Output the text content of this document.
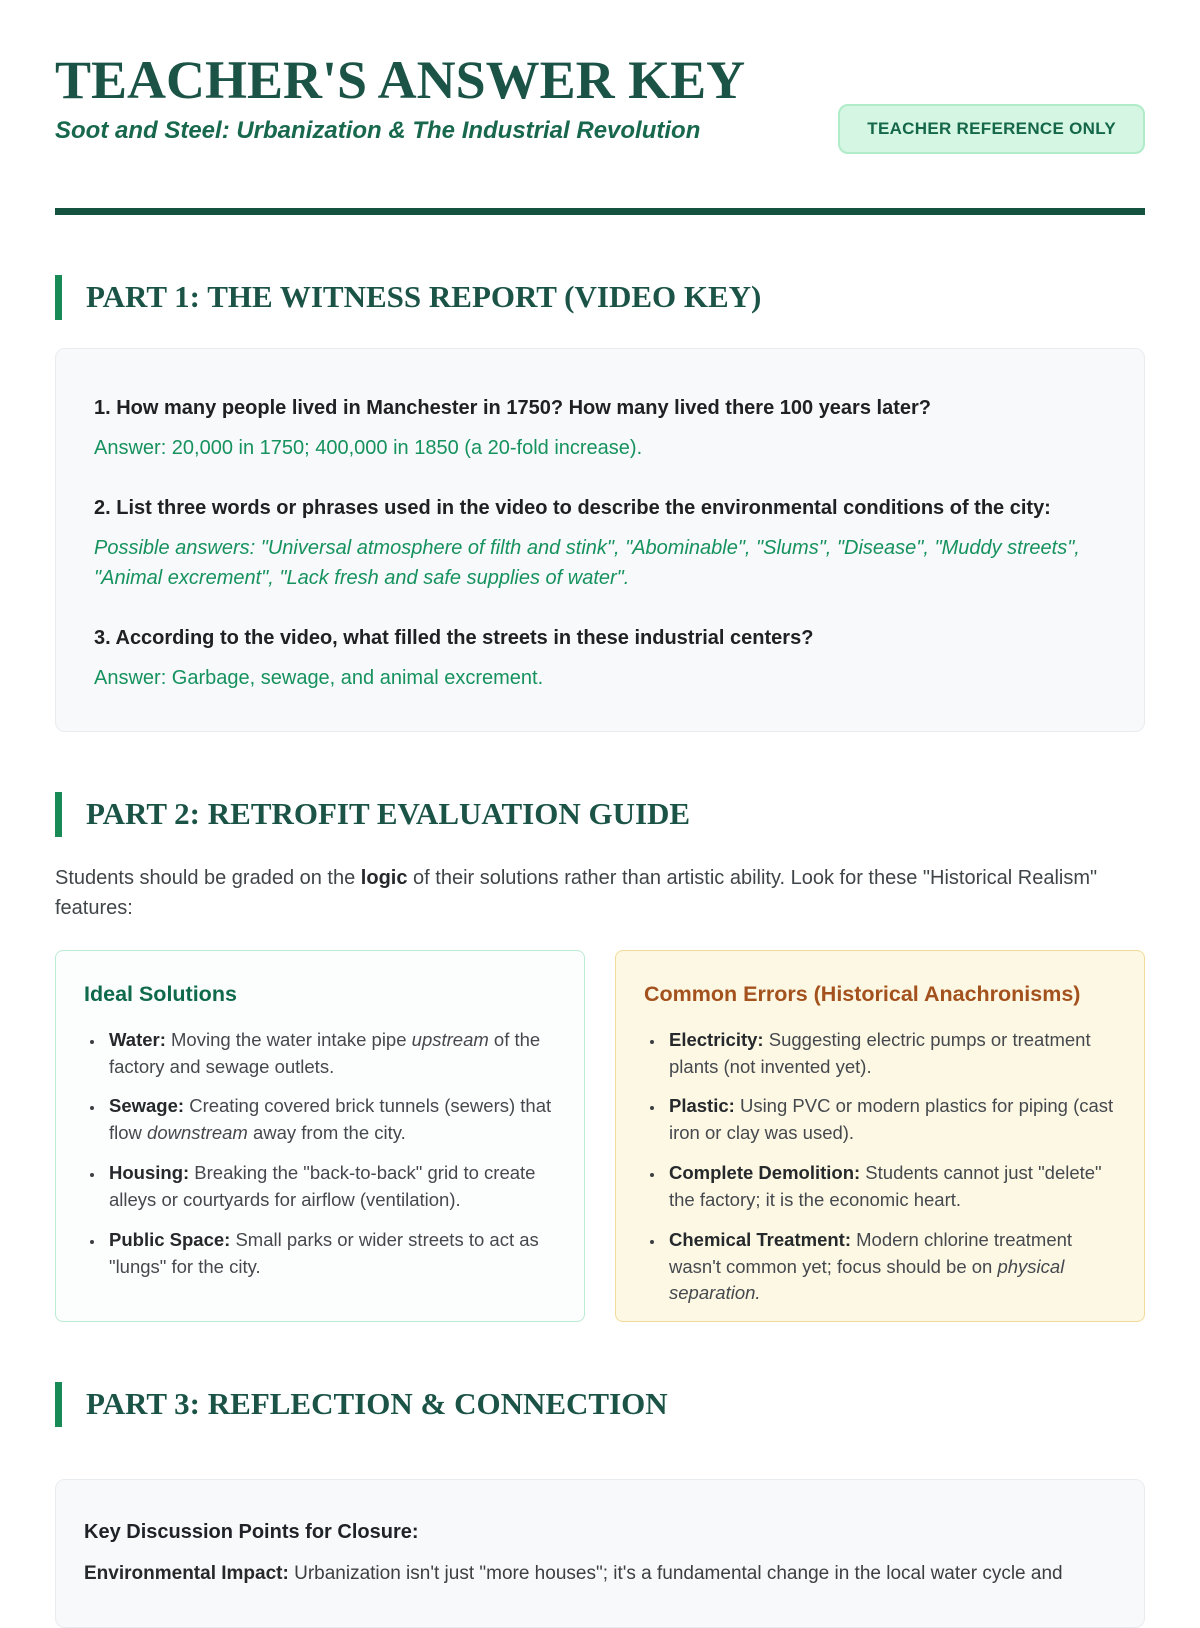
TEACHER'S ANSWER KEY

Soot and Steel: Urbanization & The Industrial Revolution	TEACHER REFERENCE ONLY
PART 1: THE WITNESS REPORT (VIDEO KEY)

1. How many people lived in Manchester in 1750? How many lived there 100 years later?

Answer: 20,000 in 1750; 400,000 in 1850 (a 20-fold increase).

2. List three words or phrases used in the video to describe the environmental conditions of the city:

Possible answers: "Universal atmosphere of filth and stink", "Abominable", "Slums", "Disease", "Muddy streets", "Animal excrement", "Lack fresh and safe supplies of water".

3. According to the video, what filled the streets in these industrial centers?

Answer: Garbage, sewage, and animal excrement.

PART 2: RETROFIT EVALUATION GUIDE

Students should be graded on the logic of their solutions rather than artistic ability. Look for these "Historical Realism" features:

Ideal Solutions
• Water: Moving the water intake pipe upstream of the factory and sewage outlets.
• Sewage: Creating covered brick tunnels (sewers) that flow downstream away from the city.
• Housing: Breaking the "back-to-back" grid to create alleys or courtyards for airflow (ventilation).
• Public Space: Small parks or wider streets to act as "lungs" for the city.
Common Errors (Historical Anachronisms)
• Electricity: Suggesting electric pumps or treatment plants (not invented yet).
• Plastic: Using PVC or modern plastics for piping (cast iron or clay was used).
• Complete Demolition: Students cannot just "delete" the factory; it is the economic heart.
• Chemical Treatment: Modern chlorine treatment wasn't common yet; focus should be on physical separation.
PART 3: REFLECTION & CONNECTION

Key Discussion Points for Closure:

Environmental Impact: Urbanization isn't just "more houses"; it's a fundamental change in the local water cycle and
